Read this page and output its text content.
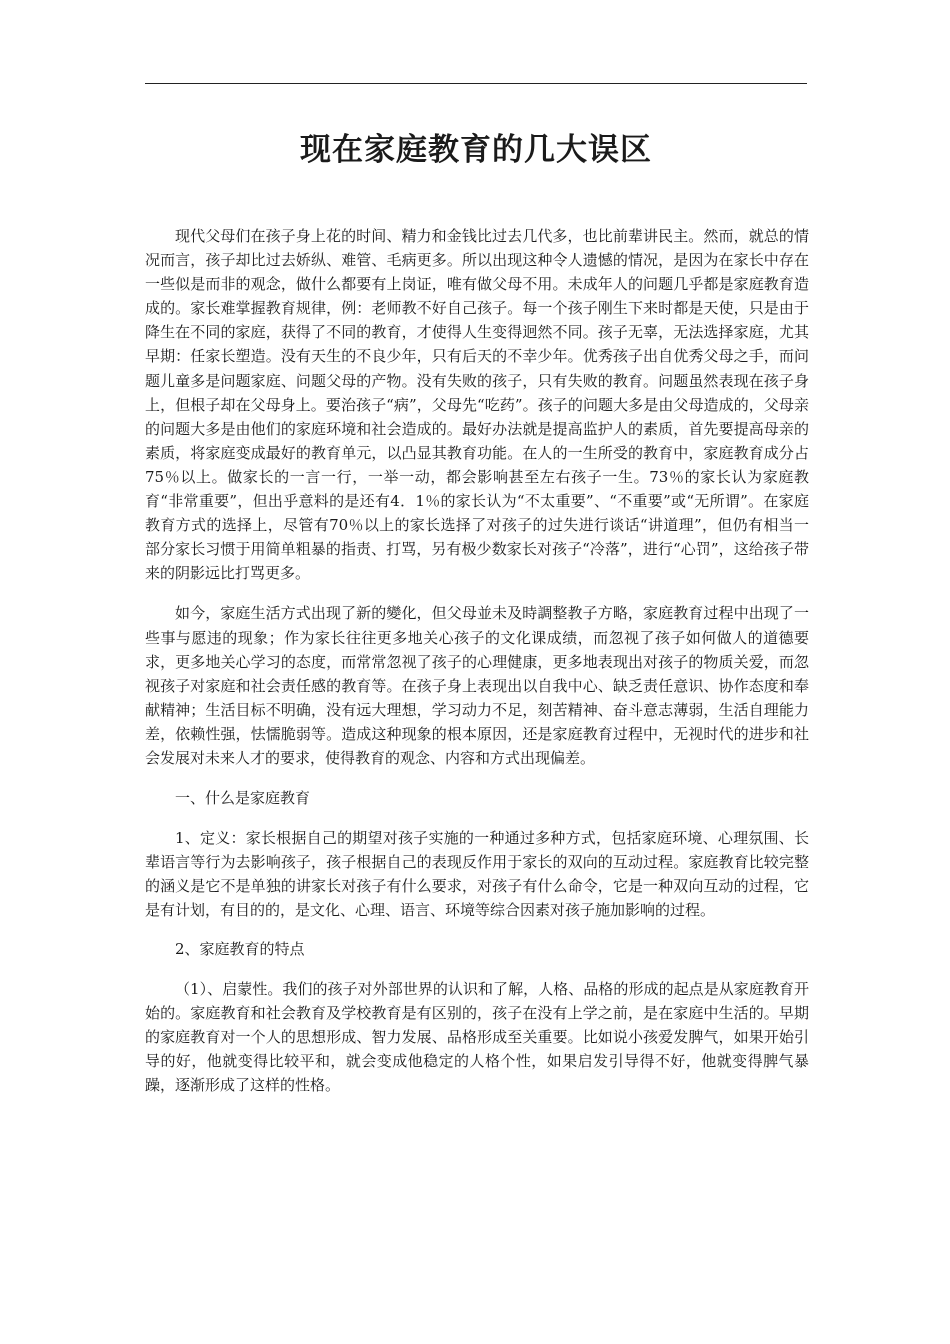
现在家庭教育的几大误区

现代父母们在孩子身上花的时间、精力和金钱比过去几代多，也比前辈讲民主。然而，就总的情况而言，孩子却比过去娇纵、难管、毛病更多。所以出现这种令人遗憾的情况，是因为在家长中存在一些似是而非的观念，做什么都要有上岗证，唯有做父母不用。未成年人的问题几乎都是家庭教育造成的。家长难掌握教育规律，例：老师教不好自己孩子。每一个孩子刚生下来时都是天使，只是由于降生在不同的家庭，获得了不同的教育，才使得人生变得迥然不同。孩子无辜，无法选择家庭，尤其早期：任家长塑造。没有天生的不良少年，只有后天的不幸少年。优秀孩子出自优秀父母之手，而问题儿童多是问题家庭、问题父母的产物。没有失败的孩子，只有失败的教育。问题虽然表现在孩子身上，但根子却在父母身上。要治孩子“病”，父母先“吃药”。孩子的问题大多是由父母造成的，父母亲的问题大多是由他们的家庭环境和社会造成的。最好办法就是提高监护人的素质，首先要提高母亲的素质，将家庭变成最好的教育单元，以凸显其教育功能。在人的一生所受的教育中，家庭教育成分占75％以上。做家长的一言一行，一举一动，都会影响甚至左右孩子一生。73％的家长认为家庭教育“非常重要”，但出乎意料的是还有4．1％的家长认为“不太重要”、“不重要”或“无所谓”。在家庭教育方式的选择上，尽管有70％以上的家长选择了对孩子的过失进行谈话“讲道理”，但仍有相当一部分家长习惯于用简单粗暴的指责、打骂，另有极少数家长对孩子“冷落”，进行“心罚”，这给孩子带来的阴影远比打骂更多。

如今，家庭生活方式出现了新的變化，但父母並未及時調整教子方略，家庭教育过程中出现了一些事与愿违的现象；作为家长往往更多地关心孩子的文化课成绩，而忽视了孩子如何做人的道德要求，更多地关心学习的态度，而常常忽视了孩子的心理健康，更多地表现出对孩子的物质关爱，而忽视孩子对家庭和社会责任感的教育等。在孩子身上表现出以自我中心、缺乏责任意识、协作态度和奉献精神；生活目标不明确，没有远大理想，学习动力不足，刻苦精神、奋斗意志薄弱，生活自理能力差，依赖性强，怯懦脆弱等。造成这种现象的根本原因，还是家庭教育过程中，无视时代的进步和社会发展对未来人才的要求，使得教育的观念、内容和方式出现偏差。

一、什么是家庭教育

1、定义：家长根据自己的期望对孩子实施的一种通过多种方式，包括家庭环境、心理氛围、长辈语言等行为去影响孩子，孩子根据自己的表现反作用于家长的双向的互动过程。家庭教育比较完整的涵义是它不是单独的讲家长对孩子有什么要求，对孩子有什么命令，它是一种双向互动的过程，它是有计划，有目的的，是文化、心理、语言、环境等综合因素对孩子施加影响的过程。

2、家庭教育的特点

（1）、启蒙性。我们的孩子对外部世界的认识和了解，人格、品格的形成的起点是从家庭教育开始的。家庭教育和社会教育及学校教育是有区别的，孩子在没有上学之前，是在家庭中生活的。早期的家庭教育对一个人的思想形成、智力发展、品格形成至关重要。比如说小孩爱发脾气，如果开始引导的好，他就变得比较平和，就会变成他稳定的人格个性，如果启发引导得不好，他就变得脾气暴躁，逐渐形成了这样的性格。
